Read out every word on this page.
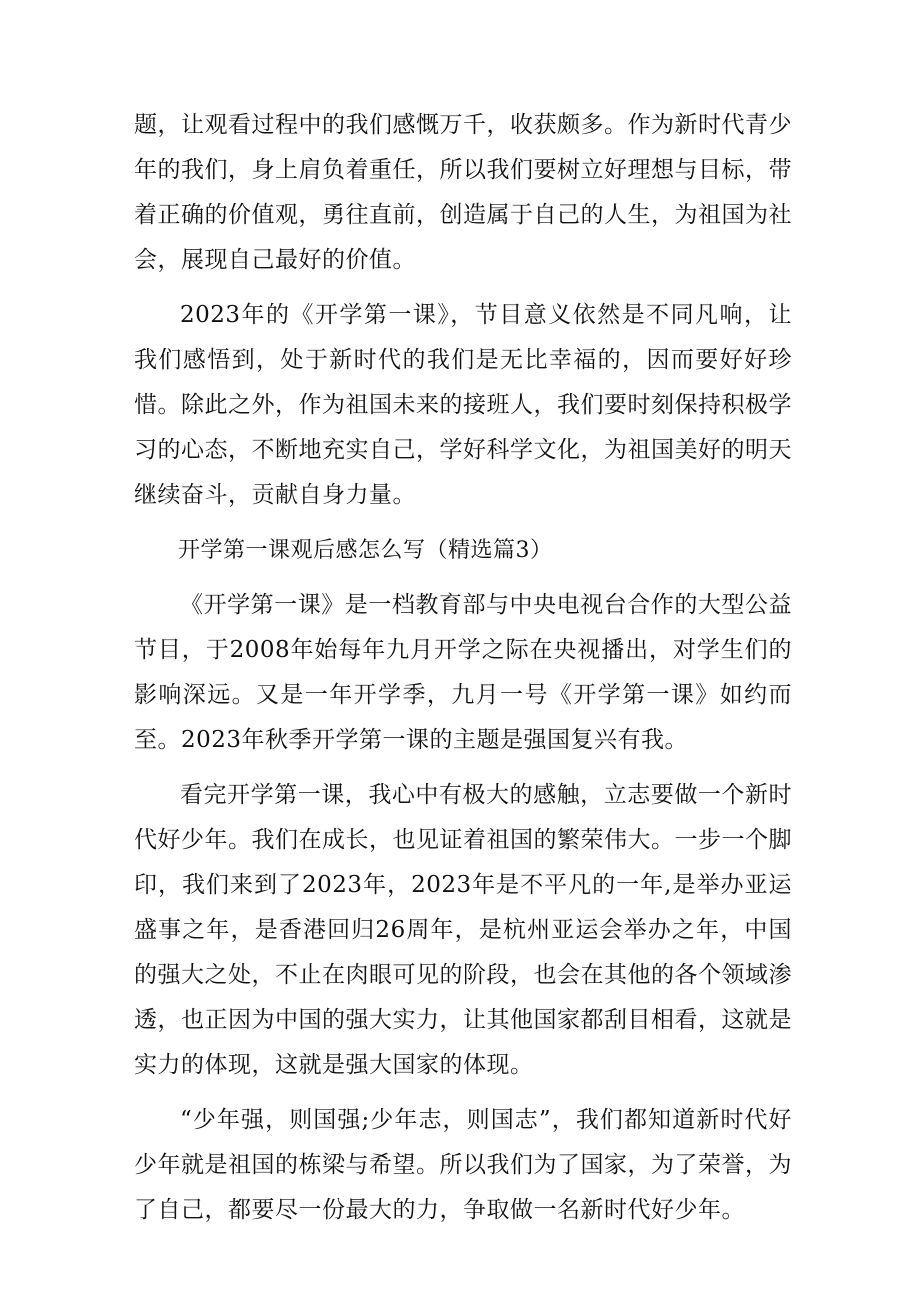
题，让观看过程中的我们感慨万千，收获颇多。作为新时代青少年的我们，身上肩负着重任，所以我们要树立好理想与目标，带着正确的价值观，勇往直前，创造属于自己的人生，为祖国为社会，展现自己最好的价值。

2023年的《开学第一课》，节目意义依然是不同凡响，让我们感悟到，处于新时代的我们是无比幸福的，因而要好好珍惜。除此之外，作为祖国未来的接班人，我们要时刻保持积极学习的心态，不断地充实自己，学好科学文化，为祖国美好的明天继续奋斗，贡献自身力量。

开学第一课观后感怎么写（精选篇3）

《开学第一课》是一档教育部与中央电视台合作的大型公益节目，于2008年始每年九月开学之际在央视播出，对学生们的影响深远。又是一年开学季，九月一号《开学第一课》如约而至。2023年秋季开学第一课的主题是强国复兴有我。

看完开学第一课，我心中有极大的感触，立志要做一个新时代好少年。我们在成长，也见证着祖国的繁荣伟大。一步一个脚印，我们来到了2023年，2023年是不平凡的一年,是举办亚运盛事之年，是香港回归26周年，是杭州亚运会举办之年，中国的强大之处，不止在肉眼可见的阶段，也会在其他的各个领域渗透，也正因为中国的强大实力，让其他国家都刮目相看，这就是实力的体现，这就是强大国家的体现。

“少年强，则国强;少年志，则国志”，我们都知道新时代好少年就是祖国的栋梁与希望。所以我们为了国家，为了荣誉，为了自己，都要尽一份最大的力，争取做一名新时代好少年。
